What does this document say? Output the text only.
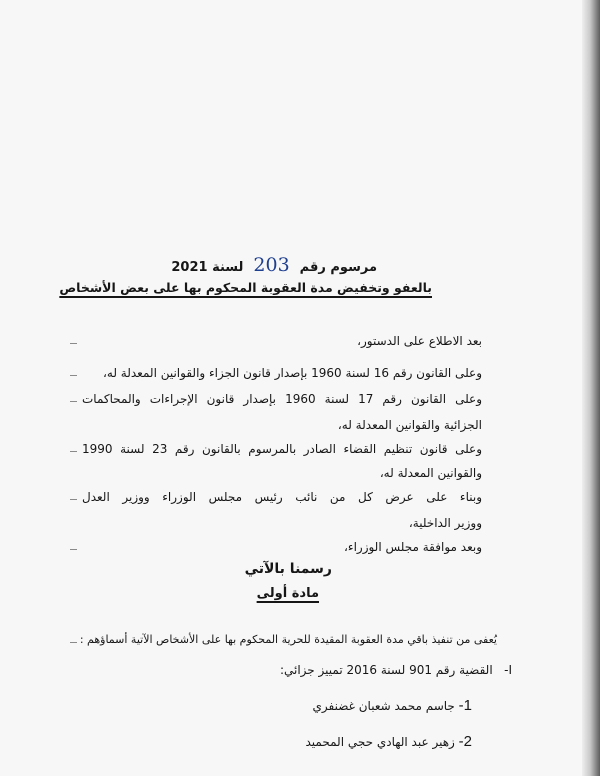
مرسوم رقم203لسنة 2021

بالعفو وتخفيض مدة العقوبة المحكوم بها على بعض الأشخاص

بعد الاطلاع على الدستور،

وعلى القانون رقم 16 لسنة 1960 بإصدار قانون الجزاء والقوانين المعدلة له،

وعلى القانون رقم 17 لسنة 1960 بإصدار قانون الإجراءات والمحاكمات

الجزائية والقوانين المعدلة له،

وعلى قانون تنظيم القضاء الصادر بالمرسوم بالقانون رقم 23 لسنة 1990

والقوانين المعدلة له،

وبناء على عرض كل من نائب رئيس مجلس الوزراء ووزير العدل

ووزير الداخلية،

وبعد موافقة مجلس الوزراء،

رسمنا بالآتي

مادة أولى

يُعفى من تنفيذ باقي مدة العقوبة المقيدة للحرية المحكوم بها على الأشخاص الآتية أسماؤهم :

I-   القضية رقم 901 لسنة 2016 تمييز جزائي:

1- جاسم محمد شعبان غضنفري

2- زهير عبد الهادي حجي المحميد
